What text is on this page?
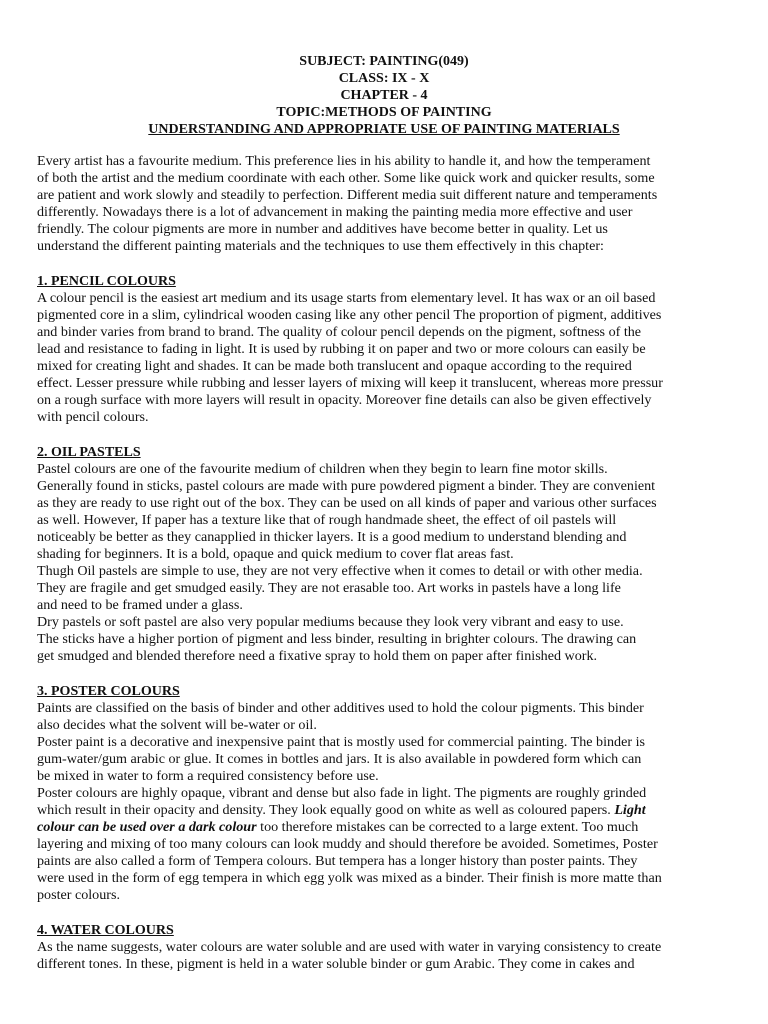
SUBJECT: PAINTING(049)
CLASS: IX - X
CHAPTER - 4
TOPIC:METHODS OF PAINTING
UNDERSTANDING AND APPROPRIATE USE OF PAINTING MATERIALS
Every artist has a favourite medium. This preference lies in his ability to handle it, and how the temperament
of both the artist and the medium coordinate with each other. Some like quick work and quicker results, some
are patient and work slowly and steadily to perfection. Different media suit different nature and temperaments
differently. Nowadays there is a lot of advancement in making the painting media more effective and user
friendly. The colour pigments are more in number and additives have become better in quality. Let us
understand the different painting materials and the techniques to use them effectively in this chapter:
1. PENCIL COLOURS
A colour pencil is the easiest art medium and its usage starts from elementary level. It has wax or an oil based
pigmented core in a slim, cylindrical wooden casing like any other pencil The proportion of pigment, additives
and binder varies from brand to brand. The quality of colour pencil depends on the pigment, softness of the
lead and resistance to fading in light. It is used by rubbing it on paper and two or more colours can easily be
mixed for creating light and shades. It can be made both translucent and opaque according to the required
effect. Lesser pressure while rubbing and lesser layers of mixing will keep it translucent, whereas more pressur
on a rough surface with more layers will result in opacity. Moreover fine details can also be given effectively
with pencil colours.
2. OIL PASTELS
Pastel colours are one of the favourite medium of children when they begin to learn fine motor skills.
Generally found in sticks, pastel colours are made with pure powdered pigment a binder. They are convenient
as they are ready to use right out of the box. They can be used on all kinds of paper and various other surfaces
as well. However, If paper has a texture like that of rough handmade sheet, the effect of oil pastels will
noticeably be better as they canapplied in thicker layers. It is a good medium to understand blending and
shading for beginners. It is a bold, opaque and quick medium to cover flat areas fast.
Thugh Oil pastels are simple to use, they are not very effective when it comes to detail or with other media.
They are fragile and get smudged easily. They are not erasable too. Art works in pastels have a long life
and need to be framed under a glass.
Dry pastels or soft pastel are also very popular mediums because they look very vibrant and easy to use.
The sticks have a higher portion of pigment and less binder, resulting in brighter colours. The drawing can
get smudged and blended therefore need a fixative spray to hold them on paper after finished work.
3. POSTER COLOURS
Paints are classified on the basis of binder and other additives used to hold the colour pigments. This binder
also decides what the solvent will be-water or oil.
Poster paint is a decorative and inexpensive paint that is mostly used for commercial painting. The binder is
gum-water/gum arabic or glue. It comes in bottles and jars. It is also available in powdered form which can
be mixed in water to form a required consistency before use.
Poster colours are highly opaque, vibrant and dense but also fade in light. The pigments are roughly grinded
which result in their opacity and density. They look equally good on white as well as coloured papers. Light
colour can be used over a dark colour too therefore mistakes can be corrected to a large extent. Too much
layering and mixing of too many colours can look muddy and should therefore be avoided. Sometimes, Poster
paints are also called a form of Tempera colours. But tempera has a longer history than poster paints. They
were used in the form of egg tempera in which egg yolk was mixed as a binder. Their finish is more matte than
poster colours.
4. WATER COLOURS
As the name suggests, water colours are water soluble and are used with water in varying consistency to create
different tones. In these, pigment is held in a water soluble binder or gum Arabic. They come in cakes and
